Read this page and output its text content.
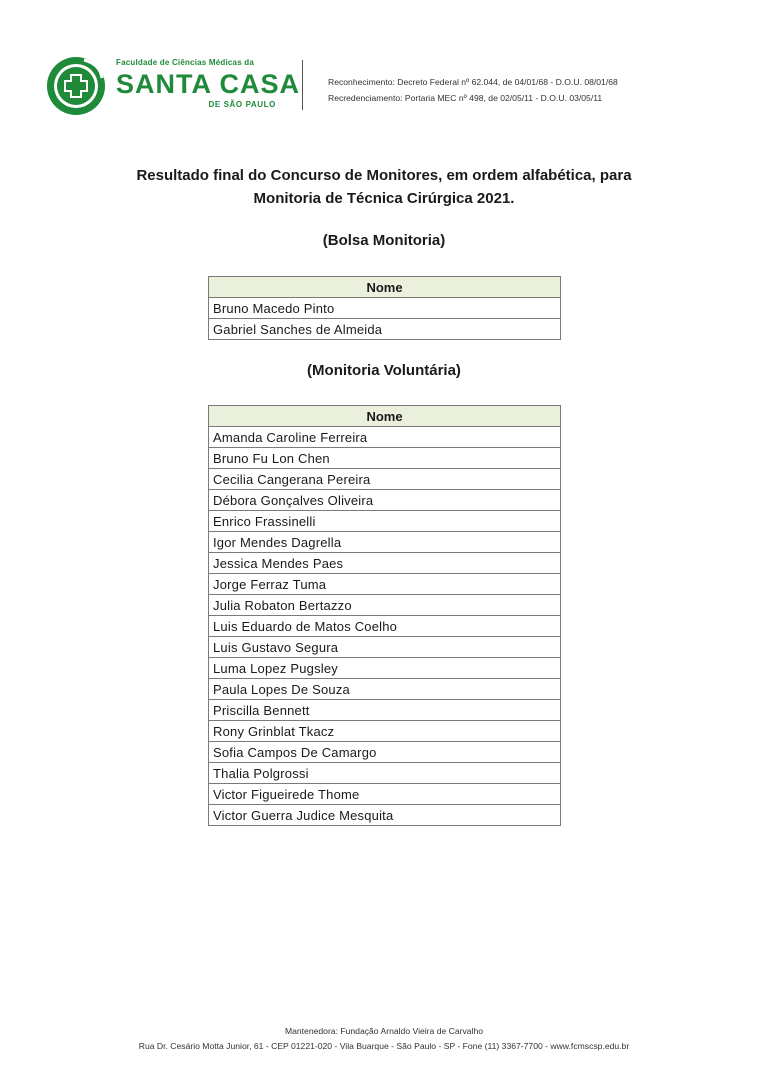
Faculdade de Ciências Médicas da
SANTA CASA
DE SÃO PAULO
Reconhecimento: Decreto Federal nº 62.044, de 04/01/68 - D.O.U. 08/01/68
Recredenciamento: Portaria MEC nº 498, de 02/05/11 - D.O.U. 03/05/11
Resultado final do Concurso de Monitores, em ordem alfabética, para
Monitoria de Técnica Cirúrgica 2021.
(Bolsa Monitoria)
Nome
Bruno Macedo Pinto
Gabriel Sanches de Almeida
(Monitoria Voluntária)
Nome
Amanda Caroline Ferreira
Bruno Fu Lon Chen
Cecilia Cangerana Pereira
Débora Gonçalves Oliveira
Enrico Frassinelli
Igor Mendes Dagrella
Jessica Mendes Paes
Jorge Ferraz Tuma
Julia Robaton Bertazzo
Luis Eduardo de Matos Coelho
Luis Gustavo Segura
Luma Lopez Pugsley
Paula Lopes De Souza
Priscilla Bennett
Rony Grinblat Tkacz
Sofia Campos De Camargo
Thalia Polgrossi
Victor Figueirede Thome
Victor Guerra Judice Mesquita
Mantenedora: Fundação Arnaldo Vieira de Carvalho
Rua Dr. Cesário Motta Junior, 61 - CEP 01221-020 - Vila Buarque - São Paulo - SP - Fone (11) 3367-7700 - www.fcmscsp.edu.br
